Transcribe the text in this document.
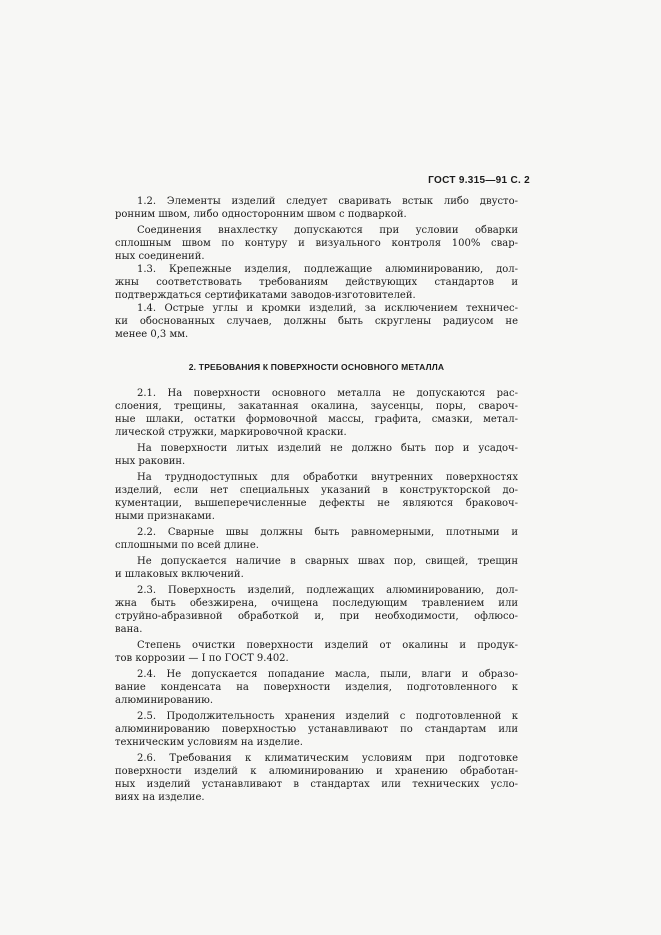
ГОСТ 9.315—91 С. 2
1.2. Элементы изделий следует сваривать встык либо двусто-
ронним швом, либо односторонним швом с подваркой.
Соединения внахлестку допускаются при условии обварки
сплошным швом по контуру и визуального контроля 100% свар-
ных соединений.
1.3. Крепежные изделия, подлежащие алюминированию, дол-
жны соответствовать требованиям действующих стандартов и
подтверждаться сертификатами заводов-изготовителей.
1.4. Острые углы и кромки изделий, за исключением техничес-
ки обоснованных случаев, должны быть скруглены радиусом не
менее 0,3 мм.
2. ТРЕБОВАНИЯ К ПОВЕРХНОСТИ ОСНОВНОГО МЕТАЛЛА
2.1. На поверхности основного металла не допускаются рас-
слоения, трещины, закатанная окалина, заусенцы, поры, свароч-
ные шлаки, остатки формовочной массы, графита, смазки, метал-
лической стружки, маркировочной краски.
На поверхности литых изделий не должно быть пор и усадоч-
ных раковин.
На труднодоступных для обработки внутренних поверхностях
изделий, если нет специальных указаний в конструкторской до-
кументации, вышеперечисленные дефекты не являются браковоч-
ными признаками.
2.2. Сварные швы должны быть равномерными, плотными и
сплошными по всей длине.
Не допускается наличие в сварных швах пор, свищей, трещин
и шлаковых включений.
2.3. Поверхность изделий, подлежащих алюминированию, дол-
жна быть обезжирена, очищена последующим травлением или
струйно-абразивной обработкой и, при необходимости, офлюсо-
вана.
Степень очистки поверхности изделий от окалины и продук-
тов коррозии — I по ГОСТ 9.402.
2.4. Не допускается попадание масла, пыли, влаги и образо-
вание конденсата на поверхности изделия, подготовленного к
алюминированию.
2.5. Продолжительность хранения изделий с подготовленной к
алюминированию поверхностью устанавливают по стандартам или
техническим условиям на изделие.
2.6. Требования к климатическим условиям при подготовке
поверхности изделий к алюминированию и хранению обработан-
ных изделий устанавливают в стандартах или технических усло-
виях на изделие.
